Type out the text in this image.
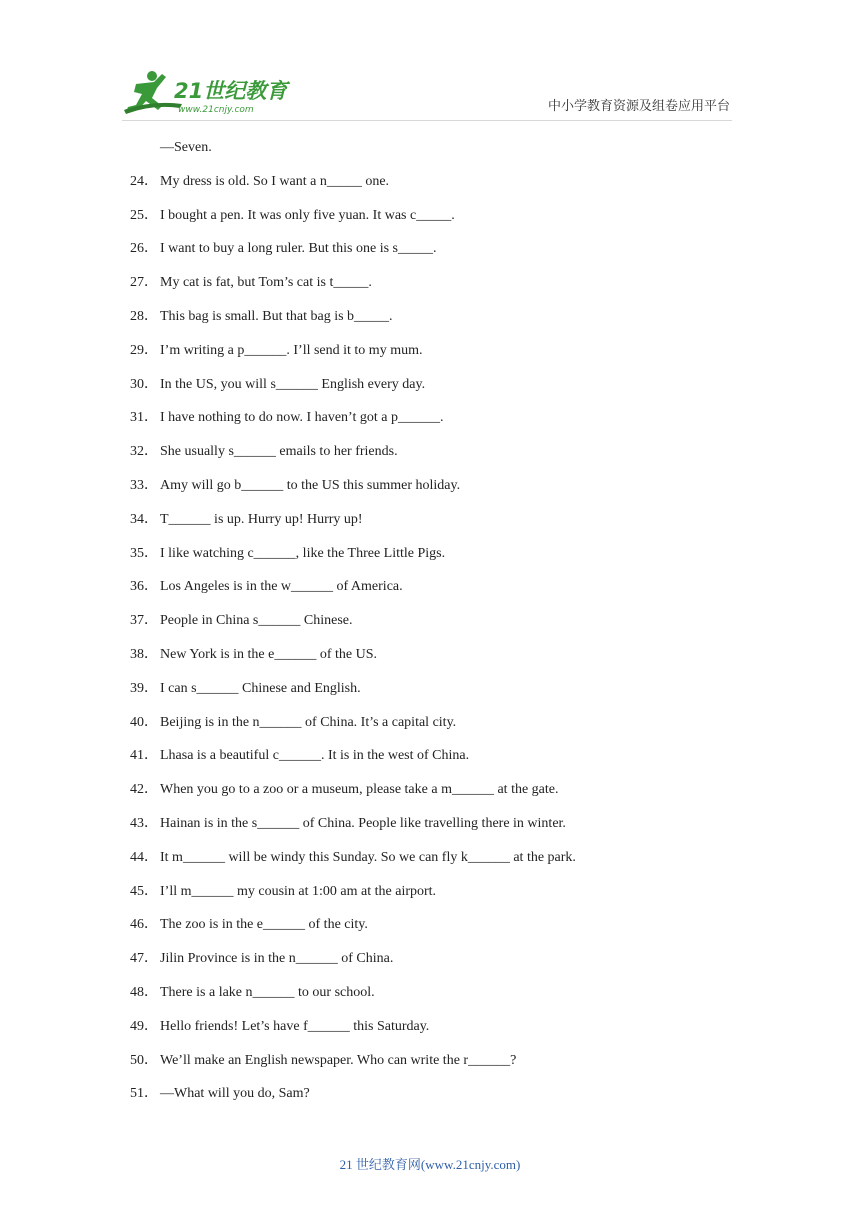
21世纪教育
www.21cnjy.com	中小学教育资源及组卷应用平台
—Seven.
24． My dress is old. So I want a n_____ one.
25． I bought a pen. It was only five yuan. It was c_____.
26． I want to buy a long ruler. But this one is s_____.
27． My cat is fat, but Tom’s cat is t_____.
28． This bag is small. But that bag is b_____.
29． I’m writing a p______. I’ll send it to my mum.
30． In the US, you will s______ English every day.
31． I have nothing to do now. I haven’t got a p______.
32． She usually s______ emails to her friends.
33． Amy will go b______ to the US this summer holiday.
34． T______ is up. Hurry up! Hurry up!
35． I like watching c______, like the Three Little Pigs.
36． Los Angeles is in the w______ of America.
37． People in China s______ Chinese.
38． New York is in the e______ of the US.
39． I can s______ Chinese and English.
40． Beijing is in the n______ of China. It’s a capital city.
41． Lhasa is a beautiful c______. It is in the west of China.
42． When you go to a zoo or a museum, please take a m______ at the gate.
43． Hainan is in the s______ of China. People like travelling there in winter.
44． It m______ will be windy this Sunday. So we can fly k______ at the park.
45． I’ll m______ my cousin at 1:00 am at the airport.
46． The zoo is in the e______ of the city.
47． Jilin Province is in the n______ of China.
48． There is a lake n______ to our school.
49． Hello friends! Let’s have f______ this Saturday.
50． We’ll make an English newspaper. Who can write the r______?
51． —What will you do, Sam?
21 世纪教育网(www.21cnjy.com)
